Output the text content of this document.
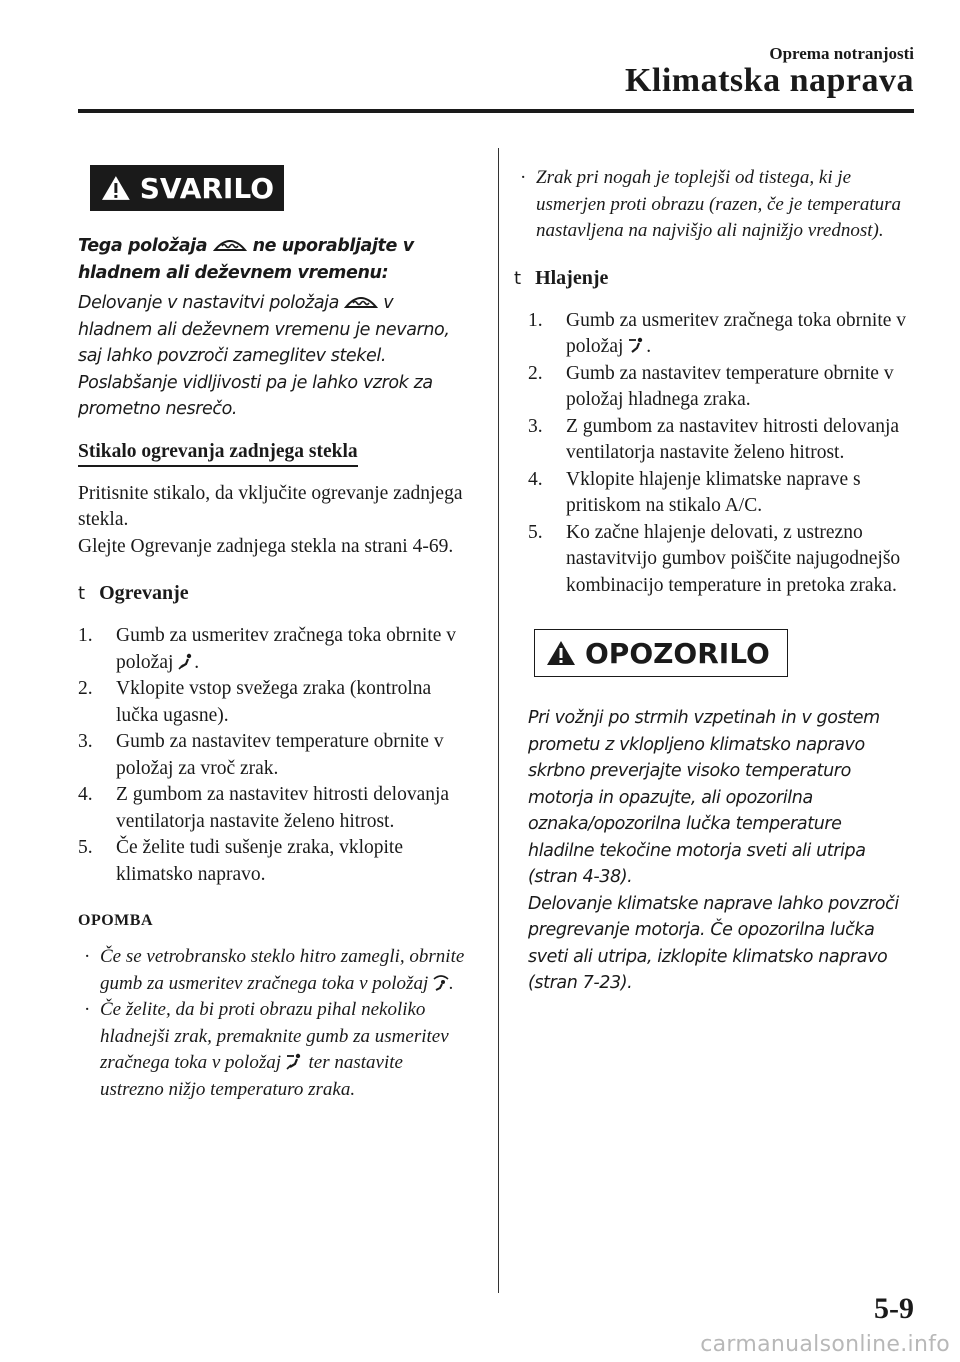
Oprema notranjosti
Klimatska naprava
SVARILO
Tega položaja	ne uporabljajte v
hladnem ali deževnem vremenu:
Delovanje v nastavitvi položaja	v hladnem ali deževnem vremenu je nevarno, saj lahko povzroči zameglitev stekel. Poslabšanje vidljivosti pa je lahko vzrok za prometno nesrečo.

Stikalo ogrevanja zadnjega stekla

Pritisnite stikalo, da vključite ogrevanje zadnjega stekla.

Glejte Ogrevanje zadnjega stekla na strani 4-69.

t Ogrevanje
1. Gumb za usmeritev zračnega toka obrnite v položaj .
2. Vklopite vstop svežega zraka (kontrolna lučka ugasne).
3. Gumb za nastavitev temperature obrnite v položaj za vroč zrak.
4. Z gumbom za nastavitev hitrosti delovanja ventilatorja nastavite želeno hitrost.
5. Če želite tudi sušenje zraka, vklopite klimatsko napravo.

OPOMBA

· Če se vetrobransko steklo hitro zamegli, obrnite gumb za usmeritev zračnega toka v položaj .
· Če želite, da bi proti obrazu pihal nekoliko hladnejši zrak, premaknite gumb za usmeritev zračnega toka v položaj ter nastavite ustrezno nižjo temperaturo zraka.
· Zrak pri nogah je toplejši od tistega, ki je usmerjen proti obrazu (razen, če je temperatura nastavljena na najvišjo ali najnižjo vrednost).
t Hlajenje
1. Gumb za usmeritev zračnega toka obrnite v položaj .
2. Gumb za nastavitev temperature obrnite v položaj hladnega zraka.
3. Z gumbom za nastavitev hitrosti delovanja ventilatorja nastavite želeno hitrost.
4. Vklopite hlajenje klimatske naprave s pritiskom na stikalo A/C.
5. Ko začne hlajenje delovati, z ustrezno nastavitvijo gumbov poiščite najugodnejšo kombinacijo temperature in pretoka zraka.
OPOZORILO
Pri vožnji po strmih vzpetinah in v gostem prometu z vklopljeno klimatsko napravo skrbno preverjajte visoko temperaturo motorja in opazujte, ali opozorilna oznaka/opozorilna lučka temperature hladilne tekočine motorja sveti ali utripa (stran 4-38).
Delovanje klimatske naprave lahko povzroči pregrevanje motorja. Če opozorilna lučka sveti ali utripa, izklopite klimatsko napravo (stran 7-23).
5-9
carmanualsonline.info
